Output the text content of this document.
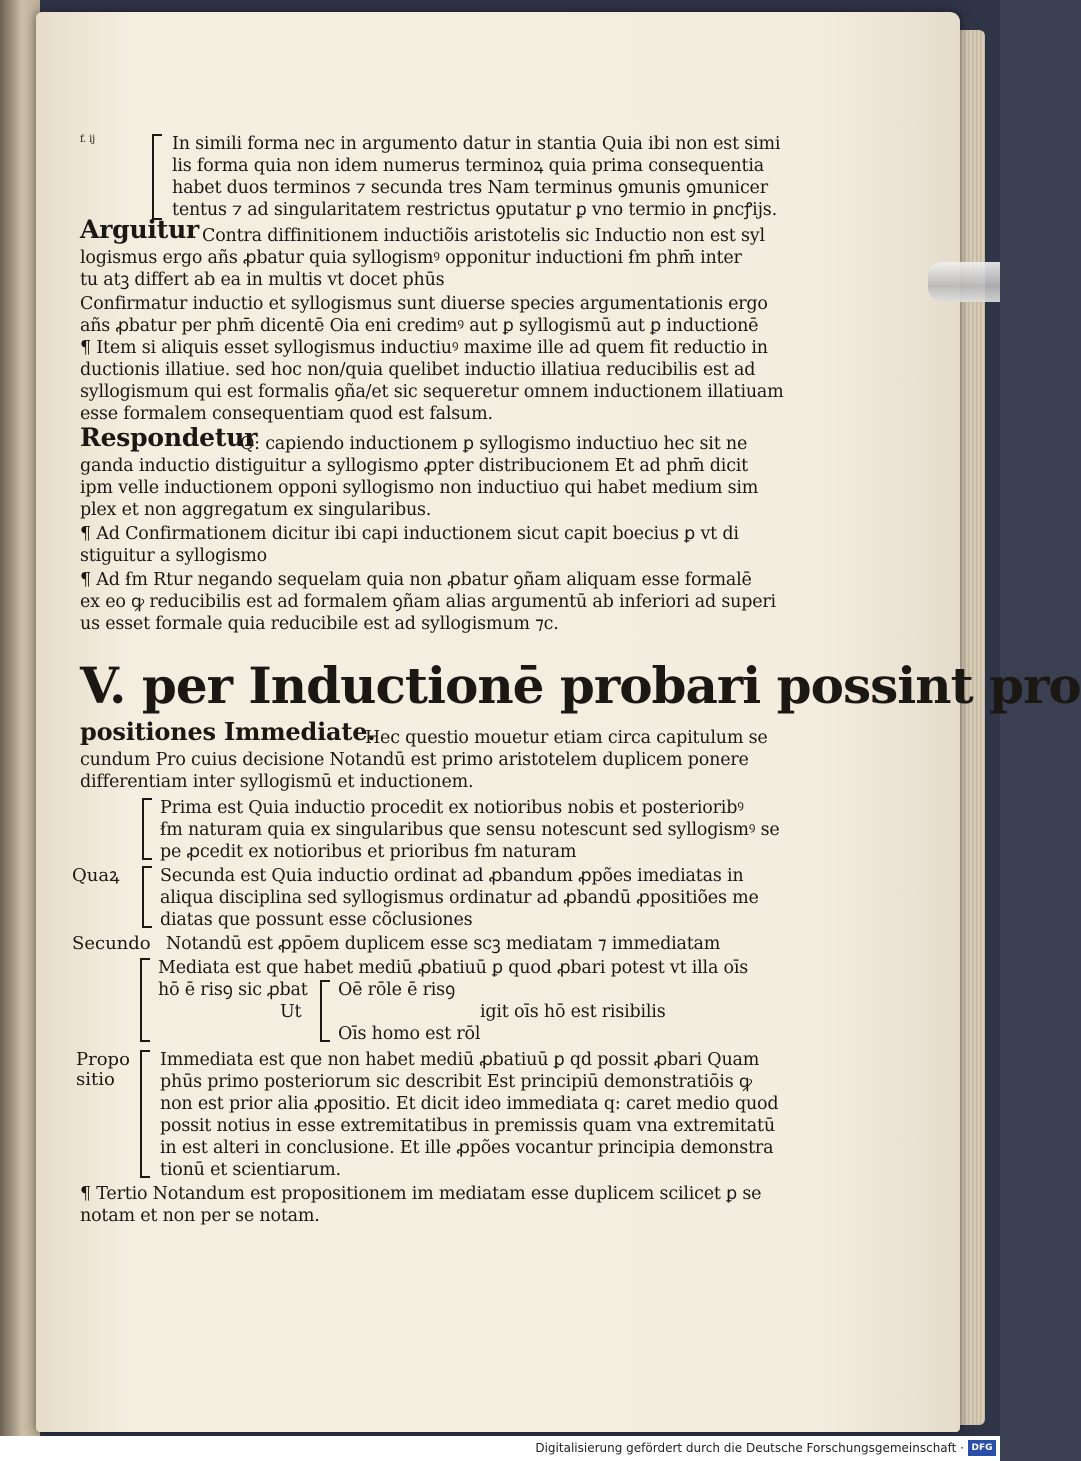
f. ij	In simili forma nec in argumento datur in stantia Quia ibi non est simi
lis forma quia non idem numerus terminoꝝ quia prima consequentia
habet duos terminos ⁊ secunda tres Nam terminus ꝯmunis ꝯmunicer
tentus ⁊ ad singularitatem restrictus ꝯputatur ꝑ vno termio in ꝑncꝭijs.
Arguitur Contra diffinitionem inductiõis aristotelis sic Inductio non est syl
logismus ergo añs ꝓbatur quia syllogismꝰ opponitur inductioni ẜm phm̄ inter
tu atꝫ differt ab ea in multis vt docet phūs
Confirmatur inductio et syllogismus sunt diuerse species argumentationis ergo
añs ꝓbatur per phm̄ dicentē Oia eni credimꝰ aut ꝑ syllogismū aut ꝑ inductionē
¶ Item si aliquis esset syllogismus inductiuꝰ maxime ille ad quem fit reductio in
ductionis illatiue. sed hoc non/quia quelibet inductio illatiua reducibilis est ad
syllogismum qui est formalis ꝯña/et sic sequeretur omnem inductionem illatiuam
esse formalem consequentiam quod est falsum.
Respondetur
Q: capiendo inductionem ꝑ syllogismo inductiuo hec sit ne
ganda inductio distiguitur a syllogismo ꝓpter distribucionem Et ad phm̄ dicit
ipm velle inductionem opponi syllogismo non inductiuo qui habet medium sim
plex et non aggregatum ex singularibus.
¶ Ad Confirmationem dicitur ibi capi inductionem sicut capit boecius ꝑ vt di
stiguitur a syllogismo
¶ Ad ẜm Rtur negando sequelam quia non ꝓbatur ꝯñam aliquam esse formalē
ex eo ꝙ reducibilis est ad formalem ꝯñam alias argumentū ab inferiori ad superi
us esset formale quia reducibile est ad syllogismum ⁊c.
V. per Inductionē probari possint pro
positiones Immediate.
Hec questio mouetur etiam circa capitulum se
cundum Pro cuius decisione Notandū est primo aristotelem duplicem ponere
differentiam inter syllogismū et inductionem.
Prima est Quia inductio procedit ex notioribus nobis et posterioribꝰ
ẜm naturam quia ex singularibus que sensu notescunt sed syllogismꝰ se
pe ꝓcedit ex notioribus et prioribus ẜm naturam
Quaꝝ Secunda est Quia inductio ordinat ad ꝓbandum ꝓpões imediatas in
aliqua disciplina sed syllogismus ordinatur ad ꝓbandū ꝓpositiões me
diatas que possunt esse cõclusiones
Secundo Notandū est ꝓpōem duplicem esse scꝫ mediatam ⁊ immediatam
Mediata est que habet mediū ꝓbatiuū ꝑ quod ꝓbari potest vt illa oīs
hō ē risꝯ sic ꝓbat Oē rōle ē risꝯ
Ut	igit oīs hō est risibilis
Oīs homo est rōl
Propo
sitio
Immediata est que non habet mediū ꝓbatiuū ꝑ qd possit ꝓbari Quam
phūs primo posteriorum sic describit Est principiū demonstratiōis ꝙ
non est prior alia ꝓpositio. Et dicit ideo immediata q: caret medio quod
possit notius in esse extremitatibus in premissis quam vna extremitatū
in est alteri in conclusione. Et ille ꝓpões vocantur principia demonstra
tionū et scientiarum.
¶ Tertio Notandum est propositionem im mediatam esse duplicem scilicet ꝑ se
notam et non per se notam.
Digitalisierung gefördert durch die Deutsche Forschungsgemeinschaft · DFG
